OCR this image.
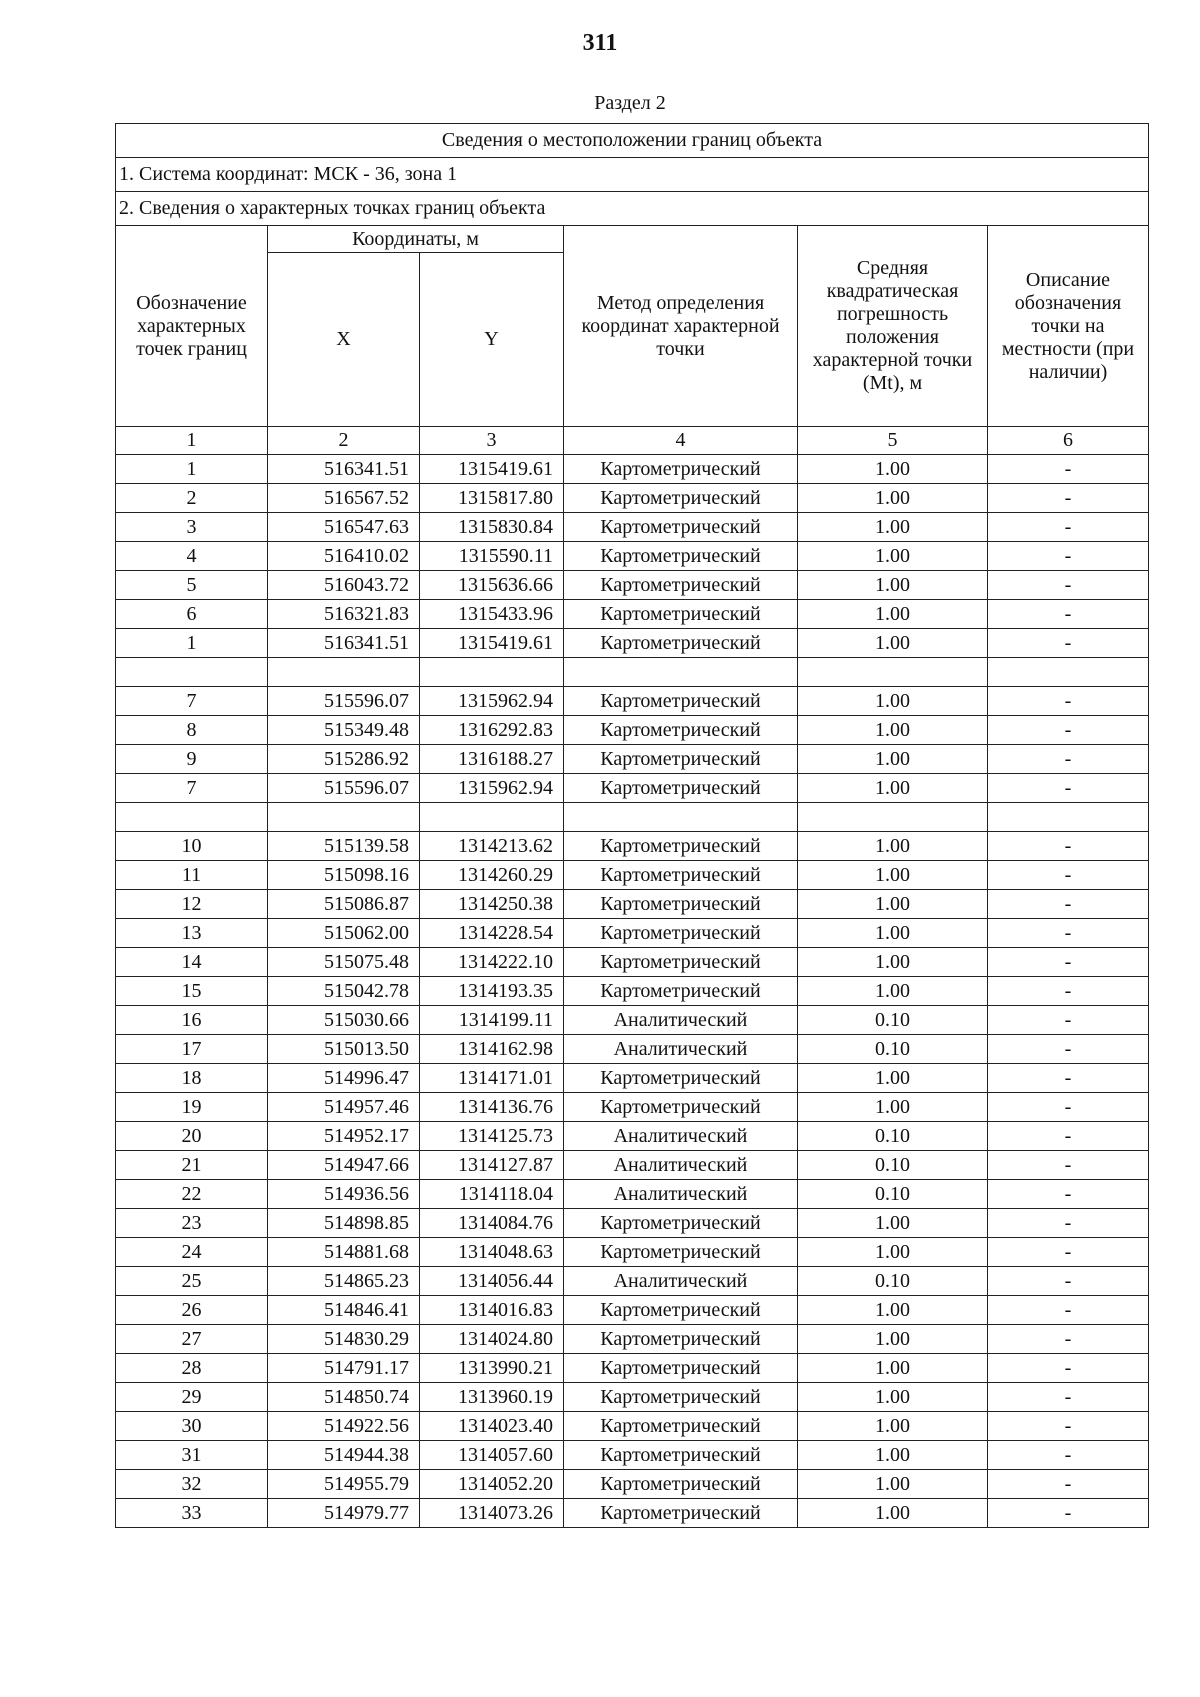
311
Раздел 2
Сведения о местоположении границ объекта					
1. Система координат: МСК - 36, зона 1					
2. Сведения о характерных точках границ объекта					
Обозначение характерных точек границ	Координаты, м		Метод определения координат характерной точки	Средняя квадратическая погрешность положения характерной точки (Mt), м	Описание обозначения точки на местности (при наличии)
	X	Y			
1	2	3	4	5	6
1	516341.51	1315419.61	Картометрический	1.00	-
2	516567.52	1315817.80	Картометрический	1.00	-
3	516547.63	1315830.84	Картометрический	1.00	-
4	516410.02	1315590.11	Картометрический	1.00	-
5	516043.72	1315636.66	Картометрический	1.00	-
6	516321.83	1315433.96	Картометрический	1.00	-
1	516341.51	1315419.61	Картометрический	1.00	-

7	515596.07	1315962.94	Картометрический	1.00	-
8	515349.48	1316292.83	Картометрический	1.00	-
9	515286.92	1316188.27	Картометрический	1.00	-
7	515596.07	1315962.94	Картометрический	1.00	-

10	515139.58	1314213.62	Картометрический	1.00	-
11	515098.16	1314260.29	Картометрический	1.00	-
12	515086.87	1314250.38	Картометрический	1.00	-
13	515062.00	1314228.54	Картометрический	1.00	-
14	515075.48	1314222.10	Картометрический	1.00	-
15	515042.78	1314193.35	Картометрический	1.00	-
16	515030.66	1314199.11	Аналитический	0.10	-
17	515013.50	1314162.98	Аналитический	0.10	-
18	514996.47	1314171.01	Картометрический	1.00	-
19	514957.46	1314136.76	Картометрический	1.00	-
20	514952.17	1314125.73	Аналитический	0.10	-
21	514947.66	1314127.87	Аналитический	0.10	-
22	514936.56	1314118.04	Аналитический	0.10	-
23	514898.85	1314084.76	Картометрический	1.00	-
24	514881.68	1314048.63	Картометрический	1.00	-
25	514865.23	1314056.44	Аналитический	0.10	-
26	514846.41	1314016.83	Картометрический	1.00	-
27	514830.29	1314024.80	Картометрический	1.00	-
28	514791.17	1313990.21	Картометрический	1.00	-
29	514850.74	1313960.19	Картометрический	1.00	-
30	514922.56	1314023.40	Картометрический	1.00	-
31	514944.38	1314057.60	Картометрический	1.00	-
32	514955.79	1314052.20	Картометрический	1.00	-
33	514979.77	1314073.26	Картометрический	1.00	-
